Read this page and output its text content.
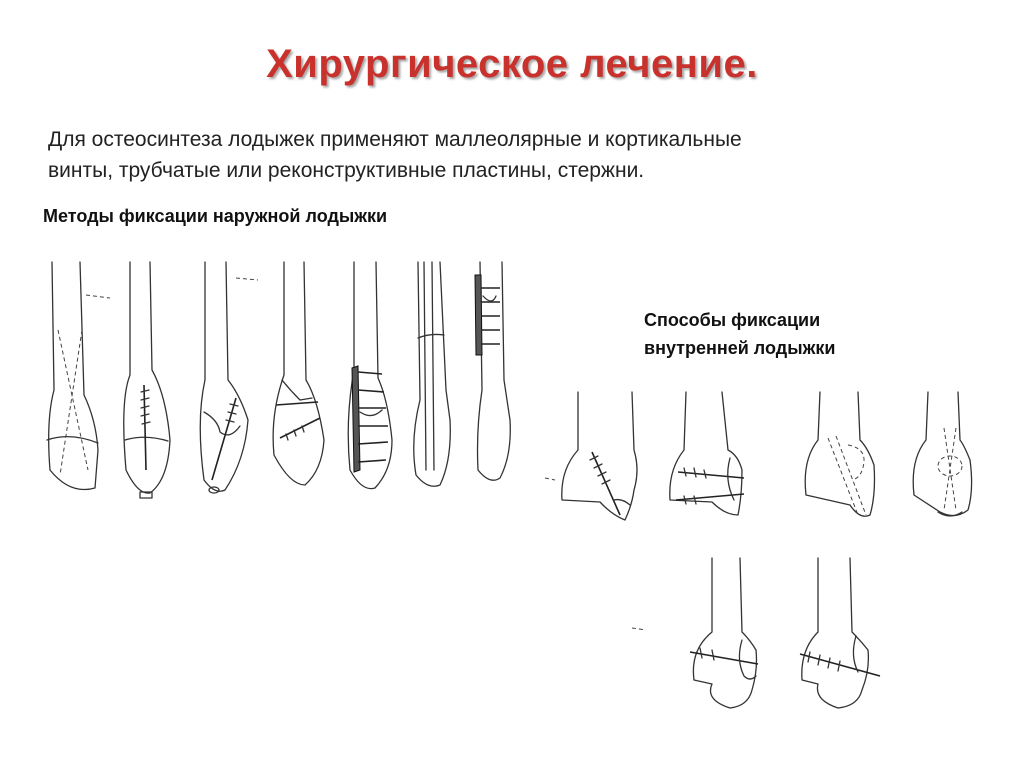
Хирургическое лечение.
Для остеосинтеза лодыжек применяют маллеолярные и кортикальные
винты, трубчатые или реконструктивные пластины, стержни.
Методы фиксации наружной лодыжки
Способы фиксации
внутренней лодыжки
